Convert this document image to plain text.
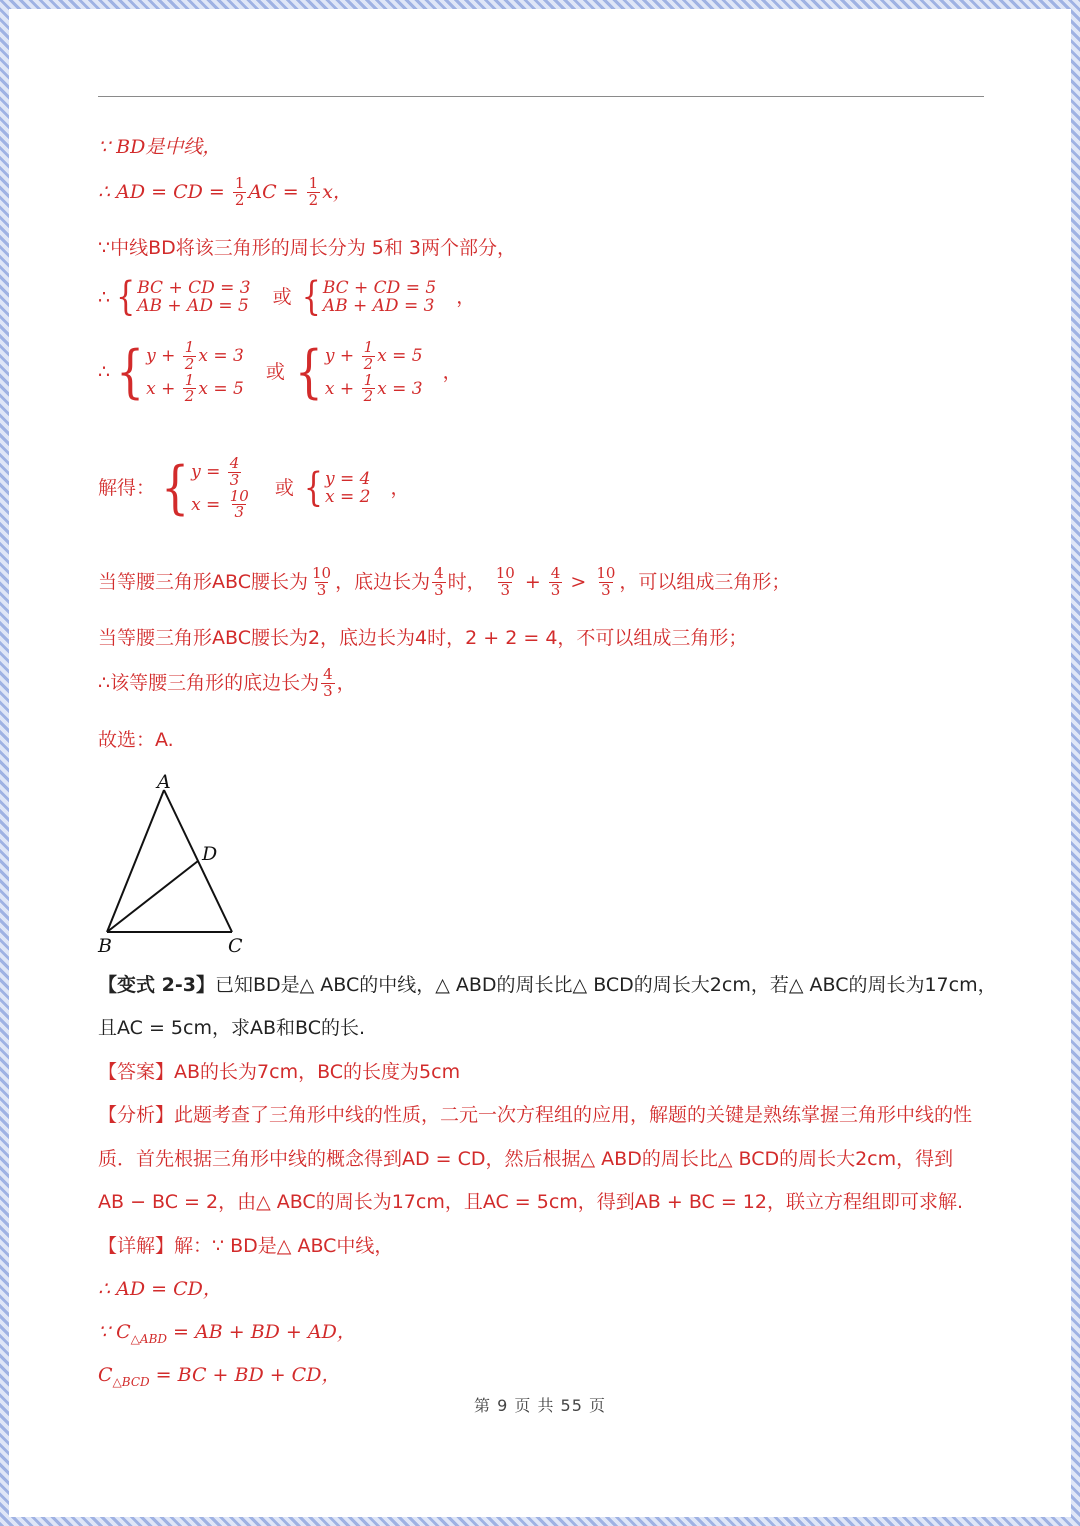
∵ BD是中线，
∴ AD = CD = $\frac{1}{2}$ AC = $\frac{1}{2}$ x，
∵中线BD将该三角形的周长分为 5和 3两个部分，
∴ { BC + CD = 3
AB + AD = 5 或 { BC + CD = 5
AB + AD = 3 ，
∴ { $y + \frac{1}{2}$ x = 3
$x + \frac{1}{2}$ x = 5
或 { $y + \frac{1}{2}$ x = 5
$x + \frac{1}{2}$ x = 3
，
解得： { $y = \frac{4}{3}$
$x = \frac{10}{3}$
或 { y = 4
x = 2 ，
当等腰三角形ABC腰长为 $\frac{10}{3}$ ，底边长为 $\frac{4}{3}$ 时， $\frac{10}{3} + \frac{4}{3} > \frac{10}{3}$ ，可以组成三角形；
当等腰三角形ABC腰长为2，底边长为4时，2 + 2 = 4，不可以组成三角形；
∴该等腰三角形的底边长为 $\frac{4}{3}$ ，
故选：A.
A
D
B	C
【变式 2-3】已知BD是△ ABC的中线，△ ABD的周长比△ BCD的周长大2cm，若△ ABC的周长为17cm，
且AC = 5cm，求AB和BC的长.
【答案】AB的长为7cm，BC的长度为5cm
【分析】此题考查了三角形中线的性质，二元一次方程组的应用，解题的关键是熟练掌握三角形中线的性
质．首先根据三角形中线的概念得到AD = CD，然后根据△ ABD的周长比△ BCD的周长大2cm，得到
AB − BC = 2，由△ ABC的周长为17cm，且AC = 5cm，得到AB + BC = 12，联立方程组即可求解.
【详解】解：∵ BD是△ ABC中线，
∴ AD = CD，
∵ $C_{\triangle ABD}$ = AB + BD + AD，
$C_{\triangle BCD}$ = BC + BD + CD，
第 9 页 共 55 页
